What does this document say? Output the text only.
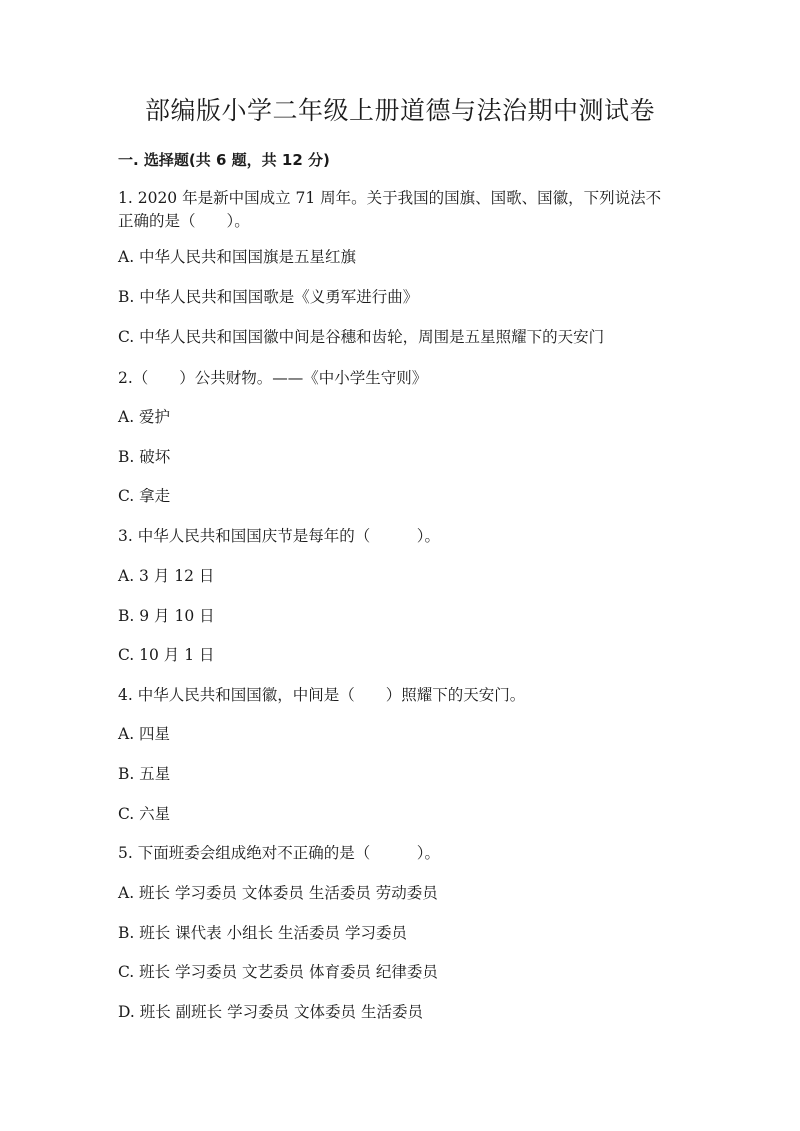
部编版小学二年级上册道德与法治期中测试卷
一. 选择题(共 6 题，共 12 分)
1. 2020 年是新中国成立 71 周年。关于我国的国旗、国歌、国徽，下列说法不
正确的是（　　）。
A. 中华人民共和国国旗是五星红旗
B. 中华人民共和国国歌是《义勇军进行曲》
C. 中华人民共和国国徽中间是谷穗和齿轮，周围是五星照耀下的天安门
2.（　　）公共财物。——《中小学生守则》
A. 爱护
B. 破坏
C. 拿走
3. 中华人民共和国国庆节是每年的（　　　）。
A. 3 月 12 日
B. 9 月 10 日
C. 10 月 1 日
4. 中华人民共和国国徽，中间是（　　）照耀下的天安门。
A. 四星
B. 五星
C. 六星
5. 下面班委会组成绝对不正确的是（　　　）。
A. 班长 学习委员 文体委员 生活委员 劳动委员
B. 班长 课代表 小组长 生活委员 学习委员
C. 班长 学习委员 文艺委员 体育委员 纪律委员
D. 班长 副班长 学习委员 文体委员 生活委员
